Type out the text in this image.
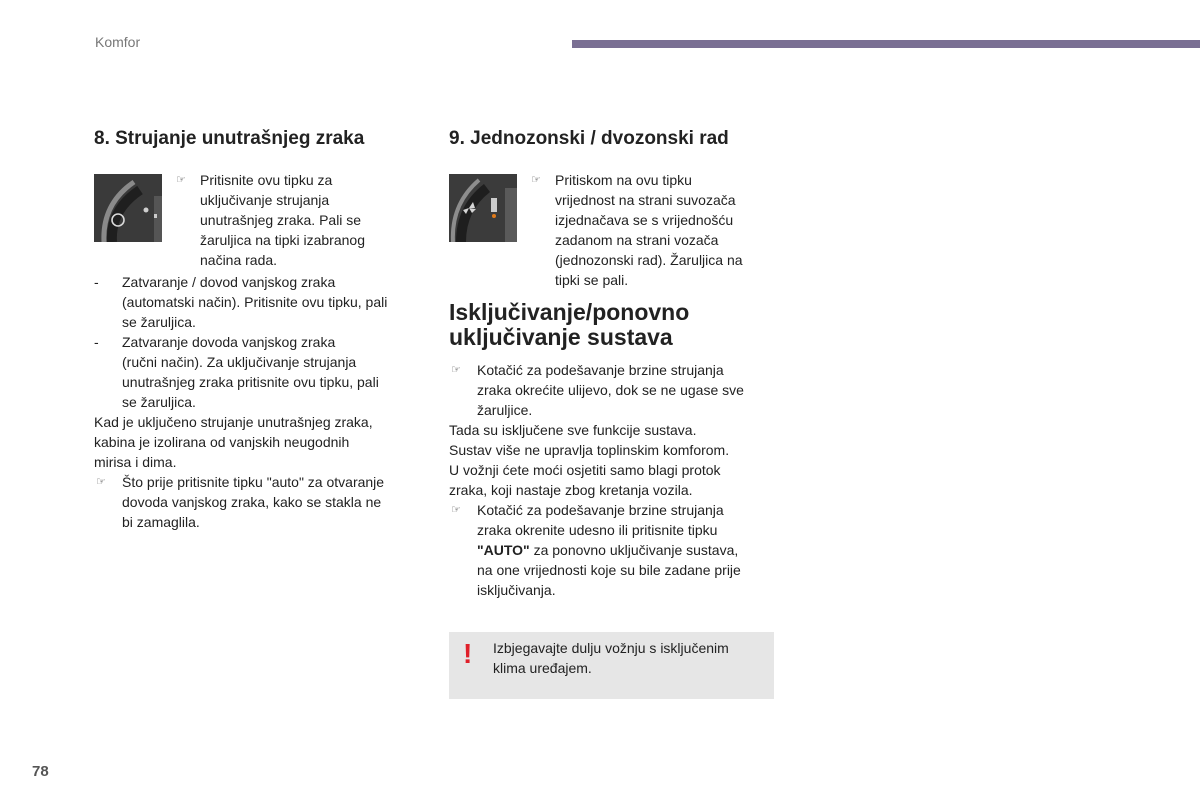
Komfor
8. Strujanje unutrašnjeg zraka
☞ Pritisnite ovu tipku za
uključivanje strujanja
unutrašnjeg zraka. Pali se
žaruljica na tipki izabranog
načina rada.
- Zatvaranje / dovod vanjskog zraka
(automatski način). Pritisnite ovu tipku, pali
se žaruljica.
- Zatvaranje dovoda vanjskog zraka
(ručni način). Za uključivanje strujanja
unutrašnjeg zraka pritisnite ovu tipku, pali
se žaruljica.

Kad je uključeno strujanje unutrašnjeg zraka,

kabina je izolirana od vanjskih neugodnih

mirisa i dima.

☞ Što prije pritisnite tipku "auto" za otvaranje
dovoda vanjskog zraka, kako se stakla ne
bi zamaglila.
9. Jednozonski / dvozonski rad
☞ Pritiskom na ovu tipku
vrijednost na strani suvozača
izjednačava se s vrijednošću
zadanom na strani vozača
(jednozonski rad). Žaruljica na
tipki se pali.
Isključivanje/ponovno
uključivanje sustava
☞ Kotačić za podešavanje brzine strujanja
zraka okrećite ulijevo, dok se ne ugase sve
žaruljice.

Tada su isključene sve funkcije sustava.

Sustav više ne upravlja toplinskim komforom.

U vožnji ćete moći osjetiti samo blagi protok

zraka, koji nastaje zbog kretanja vozila.

☞ Kotačić za podešavanje brzine strujanja
zraka okrenite udesno ili pritisnite tipku
"AUTO" za ponovno uključivanje sustava,
na one vrijednosti koje su bile zadane prije
isključivanja.
! Izbjegavajte dulju vožnju s isključenim
klima uređajem.
78
